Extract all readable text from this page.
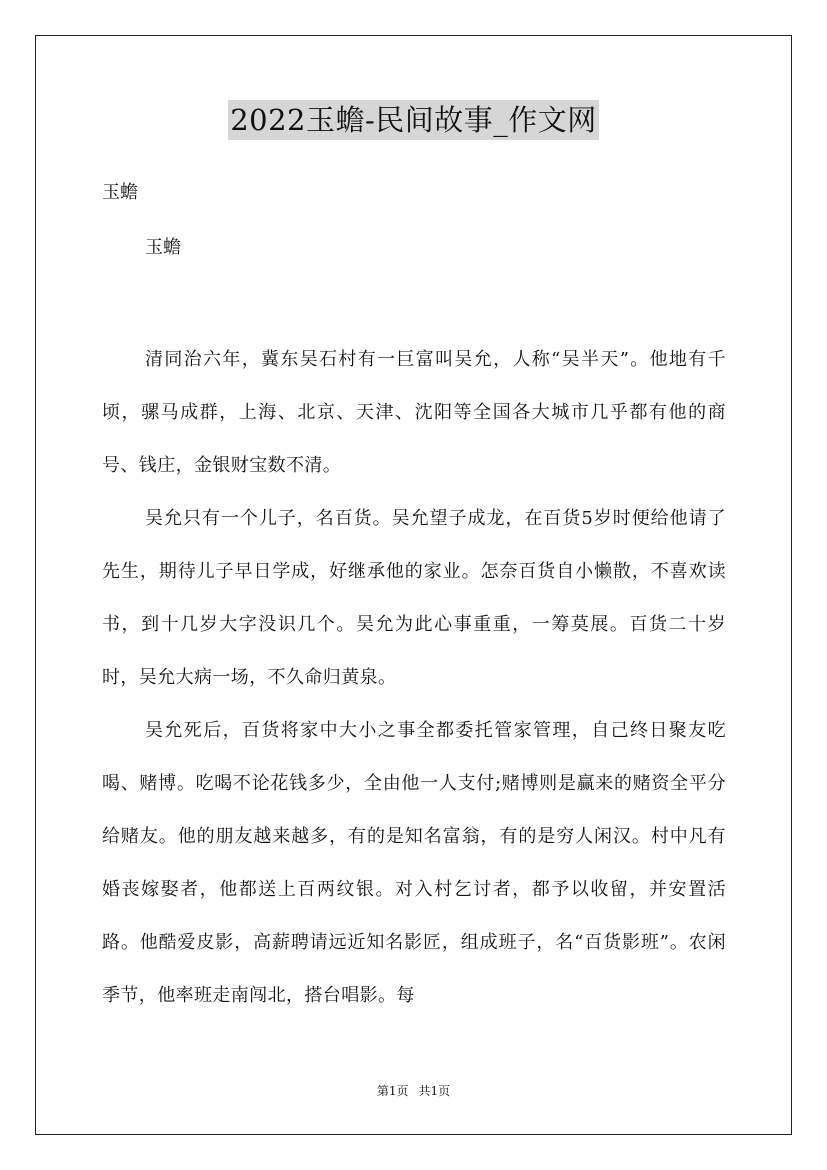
2022玉蟾-民间故事_作文网
玉蟾
玉蟾

清同治六年，冀东吴石村有一巨富叫吴允，人称“吴半天”。他地有千顷，骡马成群，上海、北京、天津、沈阳等全国各大城市几乎都有他的商号、钱庄，金银财宝数不清。

吴允只有一个儿子，名百货。吴允望子成龙，在百货5岁时便给他请了先生，期待儿子早日学成，好继承他的家业。怎奈百货自小懒散，不喜欢读书，到十几岁大字没识几个。吴允为此心事重重，一筹莫展。百货二十岁时，吴允大病一场，不久命归黄泉。

吴允死后，百货将家中大小之事全都委托管家管理，自己终日聚友吃喝、赌博。吃喝不论花钱多少，全由他一人支付;赌博则是赢来的赌资全平分给赌友。他的朋友越来越多，有的是知名富翁，有的是穷人闲汉。村中凡有婚丧嫁娶者，他都送上百两纹银。对入村乞讨者，都予以收留，并安置活路。他酷爱皮影，高薪聘请远近知名影匠，组成班子，名“百货影班”。农闲季节，他率班走南闯北，搭台唱影。每

第1页 共1页
